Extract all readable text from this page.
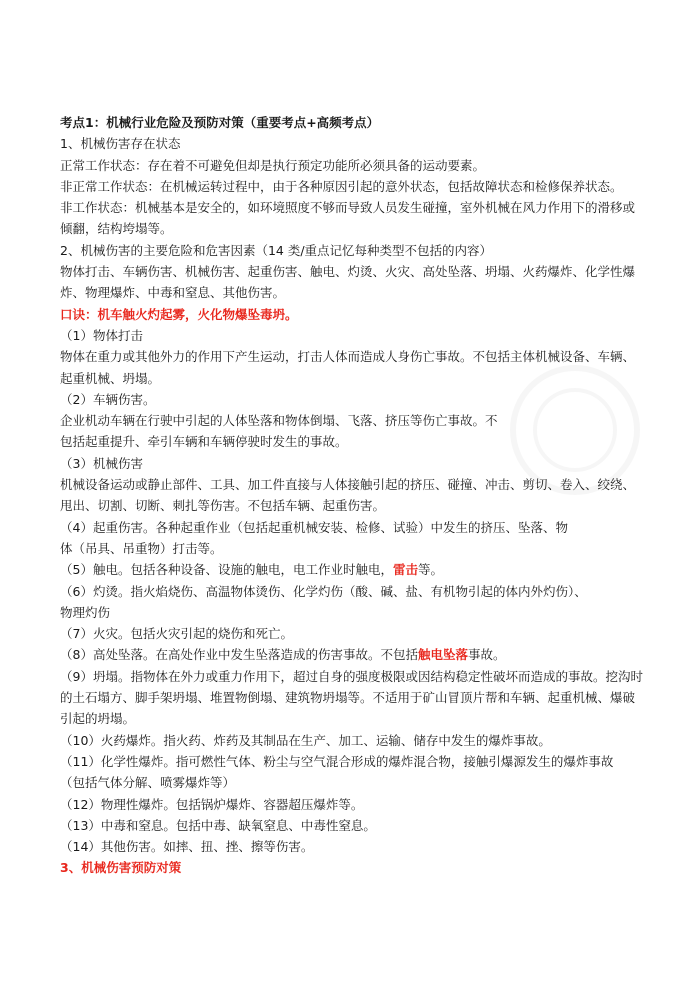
考点1：机械行业危险及预防对策（重要考点+高频考点）

1、机械伤害存在状态

正常工作状态：存在着不可避免但却是执行预定功能所必须具备的运动要素。

非正常工作状态：在机械运转过程中，由于各种原因引起的意外状态，包括故障状态和检修保养状态。

非工作状态：机械基本是安全的，如环境照度不够而导致人员发生碰撞，室外机械在风力作用下的滑移或

倾翻，结构垮塌等。

2、机械伤害的主要危险和危害因素（14 类/重点记忆每种类型不包括的内容）

物体打击、车辆伤害、机械伤害、起重伤害、触电、灼烫、火灾、高处坠落、坍塌、火药爆炸、化学性爆

炸、物理爆炸、中毒和窒息、其他伤害。

口诀：机车触火灼起雾，火化物爆坠毒坍。

（1）物体打击

物体在重力或其他外力的作用下产生运动，打击人体而造成人身伤亡事故。不包括主体机械设备、车辆、

起重机械、坍塌。

（2）车辆伤害。

企业机动车辆在行驶中引起的人体坠落和物体倒塌、飞落、挤压等伤亡事故。不

包括起重提升、牵引车辆和车辆停驶时发生的事故。

（3）机械伤害

机械设备运动或静止部件、工具、加工件直接与人体接触引起的挤压、碰撞、冲击、剪切、卷入、绞绕、

甩出、切割、切断、刺扎等伤害。不包括车辆、起重伤害。

（4）起重伤害。各种起重作业（包括起重机械安装、检修、试验）中发生的挤压、坠落、物

体（吊具、吊重物）打击等。

（5）触电。包括各种设备、设施的触电，电工作业时触电，雷击等。

（6）灼烫。指火焰烧伤、高温物体烫伤、化学灼伤（酸、碱、盐、有机物引起的体内外灼伤）、

物理灼伤

（7）火灾。包括火灾引起的烧伤和死亡。

（8）高处坠落。在高处作业中发生坠落造成的伤害事故。不包括触电坠落事故。

（9）坍塌。指物体在外力或重力作用下，超过自身的强度极限或因结构稳定性破坏而造成的事故。挖沟时

的土石塌方、脚手架坍塌、堆置物倒塌、建筑物坍塌等。不适用于矿山冒顶片帮和车辆、起重机械、爆破

引起的坍塌。

（10）火药爆炸。指火药、炸药及其制品在生产、加工、运输、储存中发生的爆炸事故。

（11）化学性爆炸。指可燃性气体、粉尘与空气混合形成的爆炸混合物，接触引爆源发生的爆炸事故

（包括气体分解、喷雾爆炸等）

（12）物理性爆炸。包括锅炉爆炸、容器超压爆炸等。

（13）中毒和窒息。包括中毒、缺氧窒息、中毒性窒息。

（14）其他伤害。如摔、扭、挫、擦等伤害。

3、机械伤害预防对策
